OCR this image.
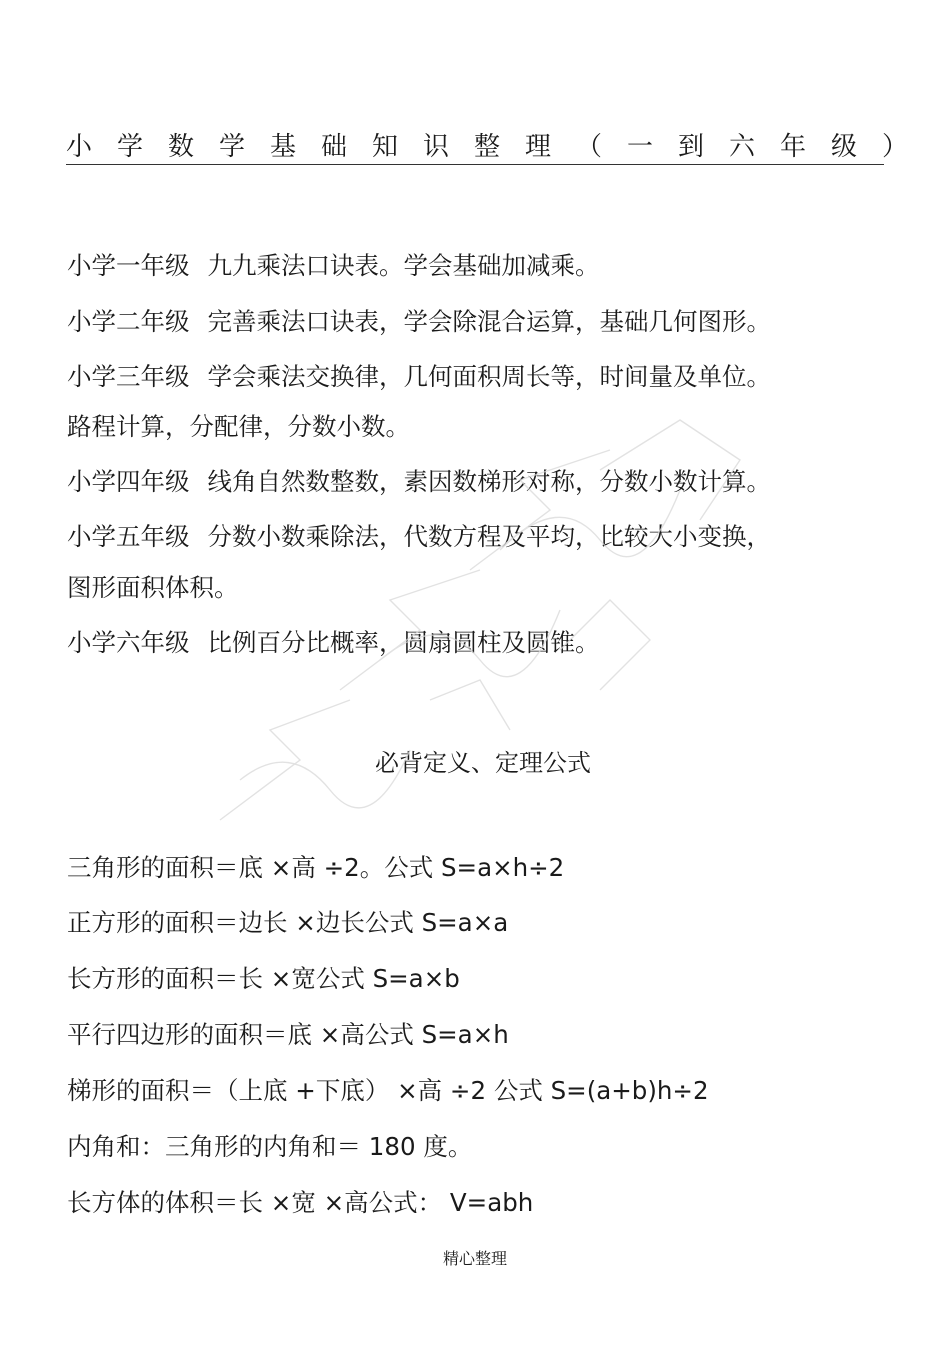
小学数学基础知识整理（一到六年级）
小学一年级 九九乘法口诀表。学会基础加减乘。
小学二年级 完善乘法口诀表，学会除混合运算，基础几何图形。
小学三年级 学会乘法交换律，几何面积周长等，时间量及单位。
路程计算，分配律，分数小数。
小学四年级 线角自然数整数，素因数梯形对称，分数小数计算。
小学五年级 分数小数乘除法，代数方程及平均，比较大小变换，
图形面积体积。
小学六年级 比例百分比概率，圆扇圆柱及圆锥。
必背定义、定理公式
三角形的面积＝底 ×高 ÷2。公式 S=a×h÷2
正方形的面积＝边长 ×边长公式 S=a×a
长方形的面积＝长 ×宽公式 S=a×b
平行四边形的面积＝底 ×高公式 S=a×h
梯形的面积＝（上底 +下底） ×高 ÷2 公式 S=(a+b)h÷2
内角和：三角形的内角和＝ 180 度。
长方体的体积＝长 ×宽 ×高公式： V=abh
精心整理
